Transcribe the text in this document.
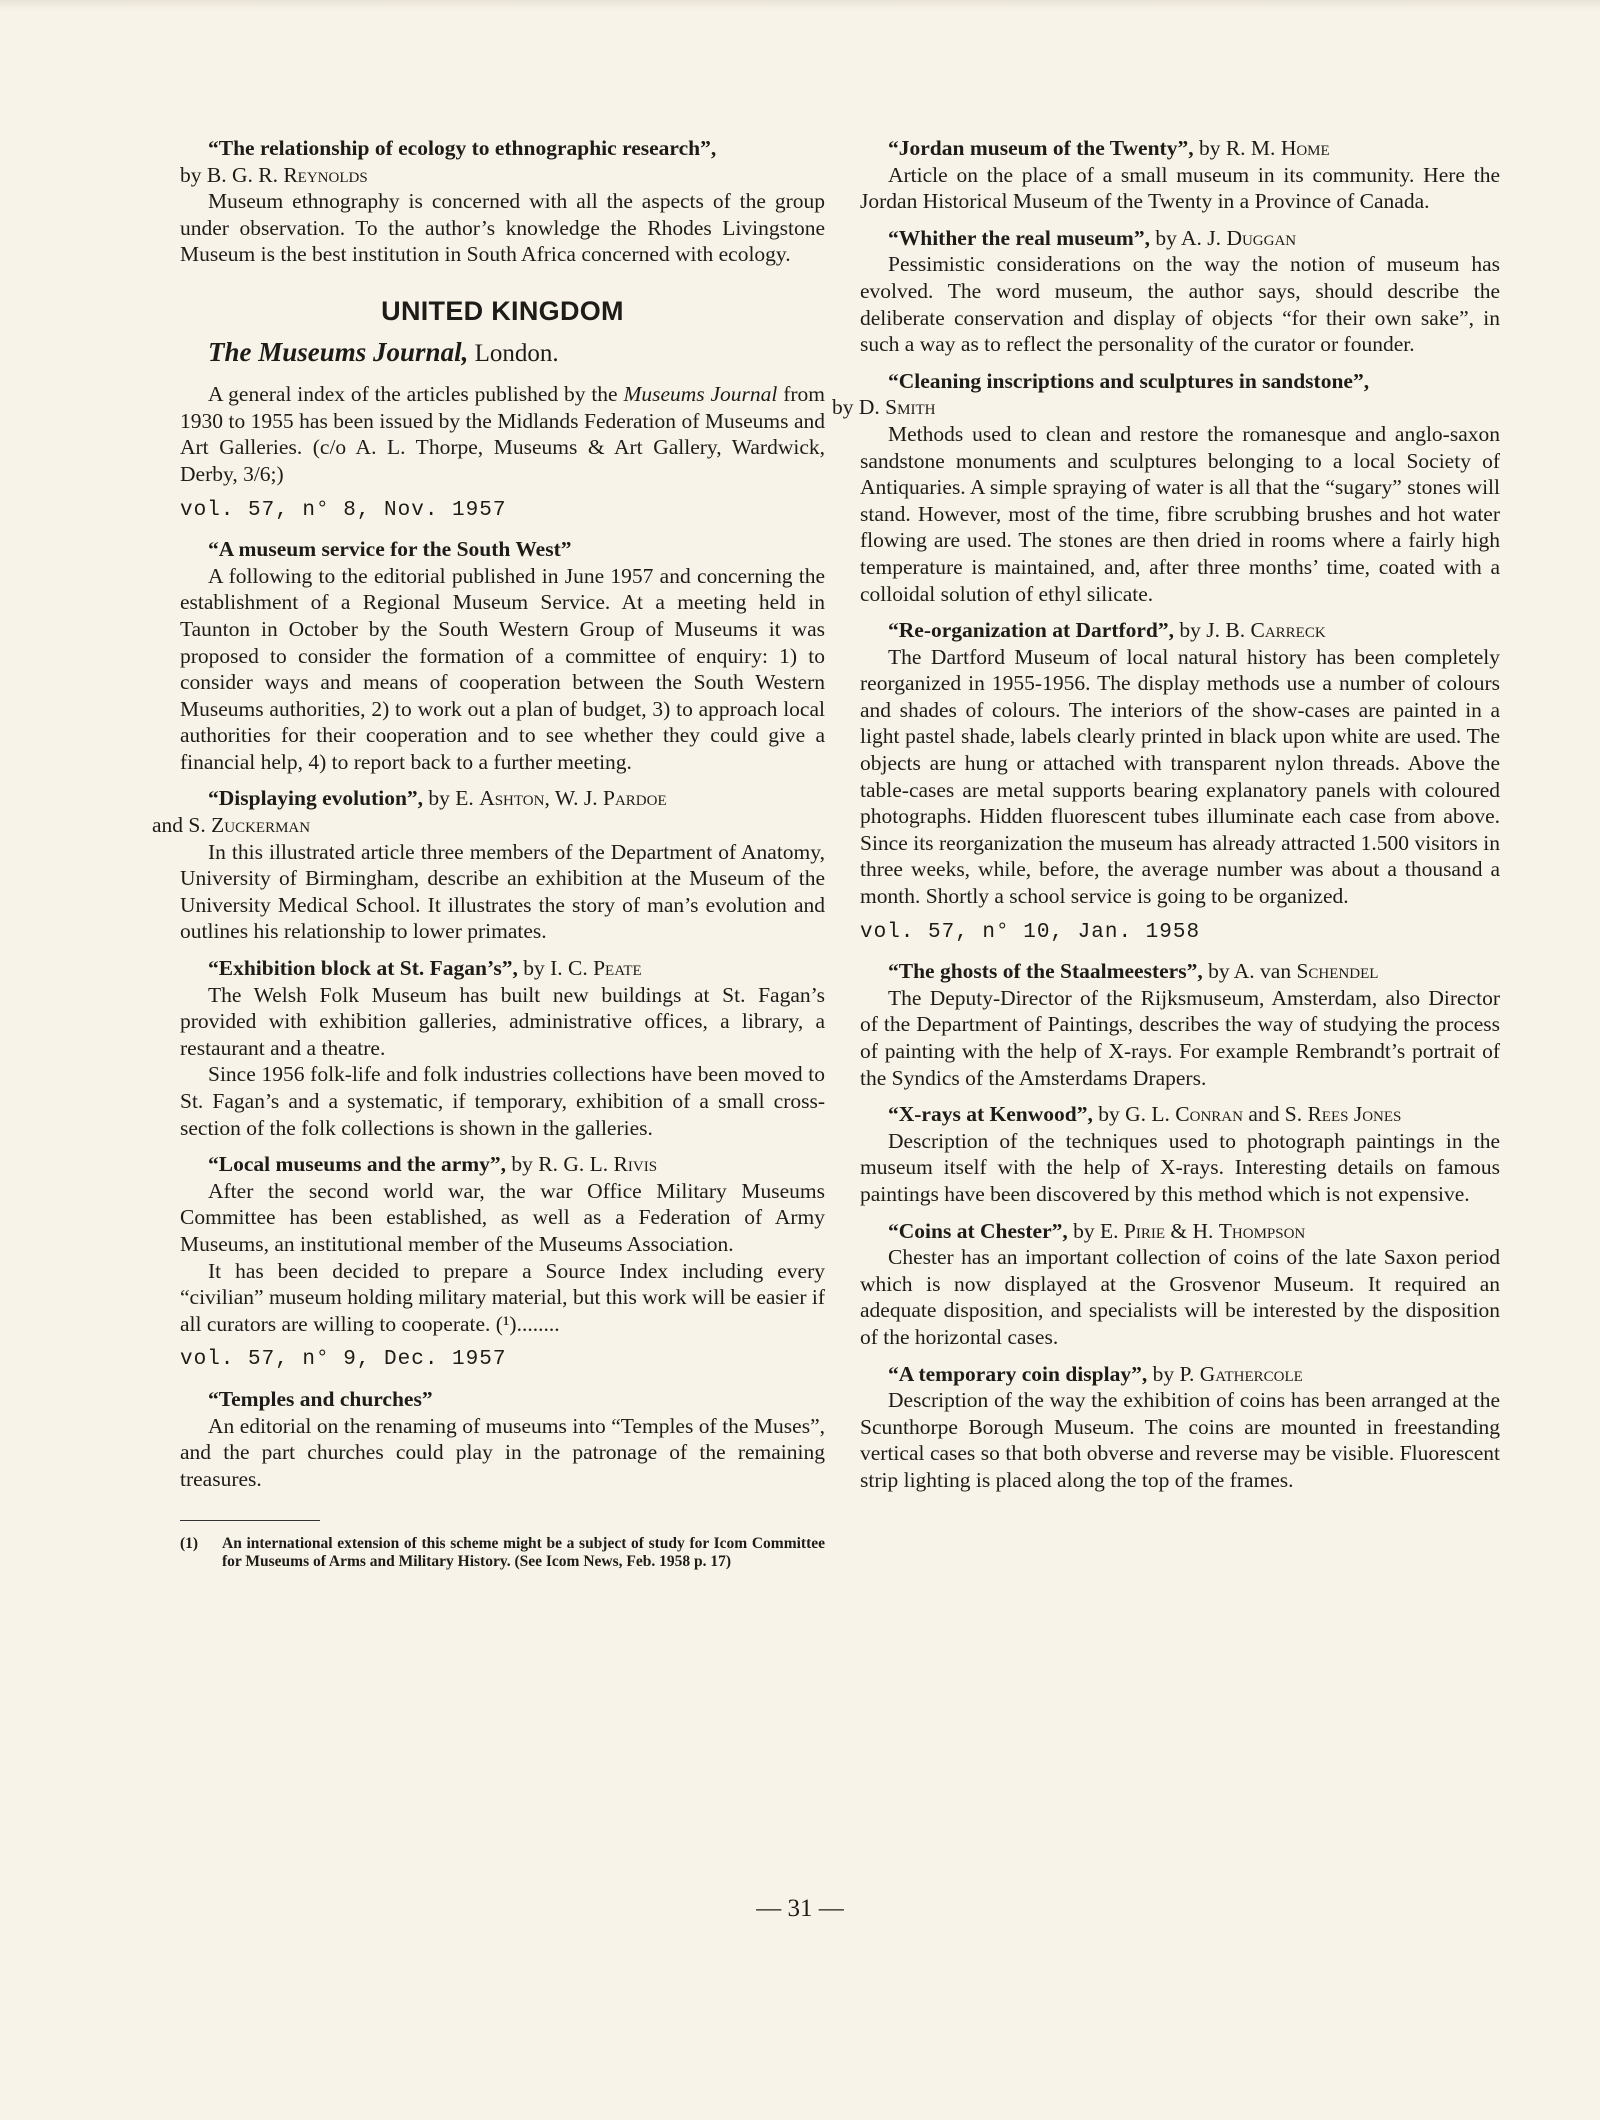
“The relationship of ecology to ethnographic research”,
by B. G. R. Reynolds

Museum ethnography is concerned with all the aspects of the group under observation. To the author’s knowledge the Rhodes Livingstone Museum is the best institution in South Africa concerned with ecology.

UNITED KINGDOM

The Museums Journal, London.

A general index of the articles published by the Museums Journal from 1930 to 1955 has been issued by the Midlands Federation of Museums and Art Galleries. (c/o A. L. Thorpe, Museums & Art Gallery, Wardwick, Derby, 3/6;)

vol. 57, n° 8, Nov. 1957

“A museum service for the South West”

A following to the editorial published in June 1957 and concerning the establishment of a Regional Museum Service. At a meeting held in Taunton in October by the South Western Group of Museums it was proposed to consider the formation of a committee of enquiry: 1) to consider ways and means of cooperation between the South Western Museums authorities, 2) to work out a plan of budget, 3) to approach local authorities for their cooperation and to see whether they could give a financial help, 4) to report back to a further meeting.

“Displaying evolution”, by E. Ashton, W. J. Pardoe
and S. Zuckerman

In this illustrated article three members of the Department of Anatomy, University of Birmingham, describe an exhibition at the Museum of the University Medical School. It illustrates the story of man’s evolution and outlines his relationship to lower primates.

“Exhibition block at St. Fagan’s”, by I. C. Peate

The Welsh Folk Museum has built new buildings at St. Fagan’s provided with exhibition galleries, administrative offices, a library, a restaurant and a theatre.

Since 1956 folk-life and folk industries collections have been moved to St. Fagan’s and a systematic, if temporary, exhibition of a small cross-section of the folk collections is shown in the galleries.

“Local museums and the army”, by R. G. L. Rivis

After the second world war, the war Office Military Museums Committee has been established, as well as a Federation of Army Museums, an institutional member of the Museums Association.

It has been decided to prepare a Source Index including every “civilian” museum holding military material, but this work will be easier if all curators are willing to cooperate. (¹)........

vol. 57, n° 9, Dec. 1957

“Temples and churches”

An editorial on the renaming of museums into “Temples of the Muses”, and the part churches could play in the patronage of the remaining treasures.

(1)	An international extension of this scheme might be a subject of study for Icom Committee for Museums of Arms and Military History. (See Icom News, Feb. 1958 p. 17)

“Jordan museum of the Twenty”, by R. M. Home

Article on the place of a small museum in its community. Here the Jordan Historical Museum of the Twenty in a Province of Canada.

“Whither the real museum”, by A. J. Duggan

Pessimistic considerations on the way the notion of museum has evolved. The word museum, the author says, should describe the deliberate conservation and display of objects “for their own sake”, in such a way as to reflect the personality of the curator or founder.

“Cleaning inscriptions and sculptures in sandstone”,
by D. Smith

Methods used to clean and restore the romanesque and anglo-saxon sandstone monuments and sculptures belonging to a local Society of Antiquaries. A simple spraying of water is all that the “sugary” stones will stand. However, most of the time, fibre scrubbing brushes and hot water flowing are used. The stones are then dried in rooms where a fairly high temperature is maintained, and, after three months’ time, coated with a colloidal solution of ethyl silicate.

“Re-organization at Dartford”, by J. B. Carreck

The Dartford Museum of local natural history has been completely reorganized in 1955-1956. The display methods use a number of colours and shades of colours. The interiors of the show-cases are painted in a light pastel shade, labels clearly printed in black upon white are used. The objects are hung or attached with transparent nylon threads. Above the table-cases are metal supports bearing explanatory panels with coloured photographs. Hidden fluorescent tubes illuminate each case from above. Since its reorganization the museum has already attracted 1.500 visitors in three weeks, while, before, the average number was about a thousand a month. Shortly a school service is going to be organized.

vol. 57, n° 10, Jan. 1958

“The ghosts of the Staalmeesters”, by A. van Schendel

The Deputy-Director of the Rijksmuseum, Amsterdam, also Director of the Department of Paintings, describes the way of studying the process of painting with the help of X-rays. For example Rembrandt’s portrait of the Syndics of the Amsterdams Drapers.

“X-rays at Kenwood”, by G. L. Conran and S. Rees Jones

Description of the techniques used to photograph paintings in the museum itself with the help of X-rays. Interesting details on famous paintings have been discovered by this method which is not expensive.

“Coins at Chester”, by E. Pirie & H. Thompson

Chester has an important collection of coins of the late Saxon period which is now displayed at the Grosvenor Museum. It required an adequate disposition, and specialists will be interested by the disposition of the horizontal cases.

“A temporary coin display”, by P. Gathercole

Description of the way the exhibition of coins has been arranged at the Scunthorpe Borough Museum. The coins are mounted in freestanding vertical cases so that both obverse and reverse may be visible. Fluorescent strip lighting is placed along the top of the frames.

— 31 —
